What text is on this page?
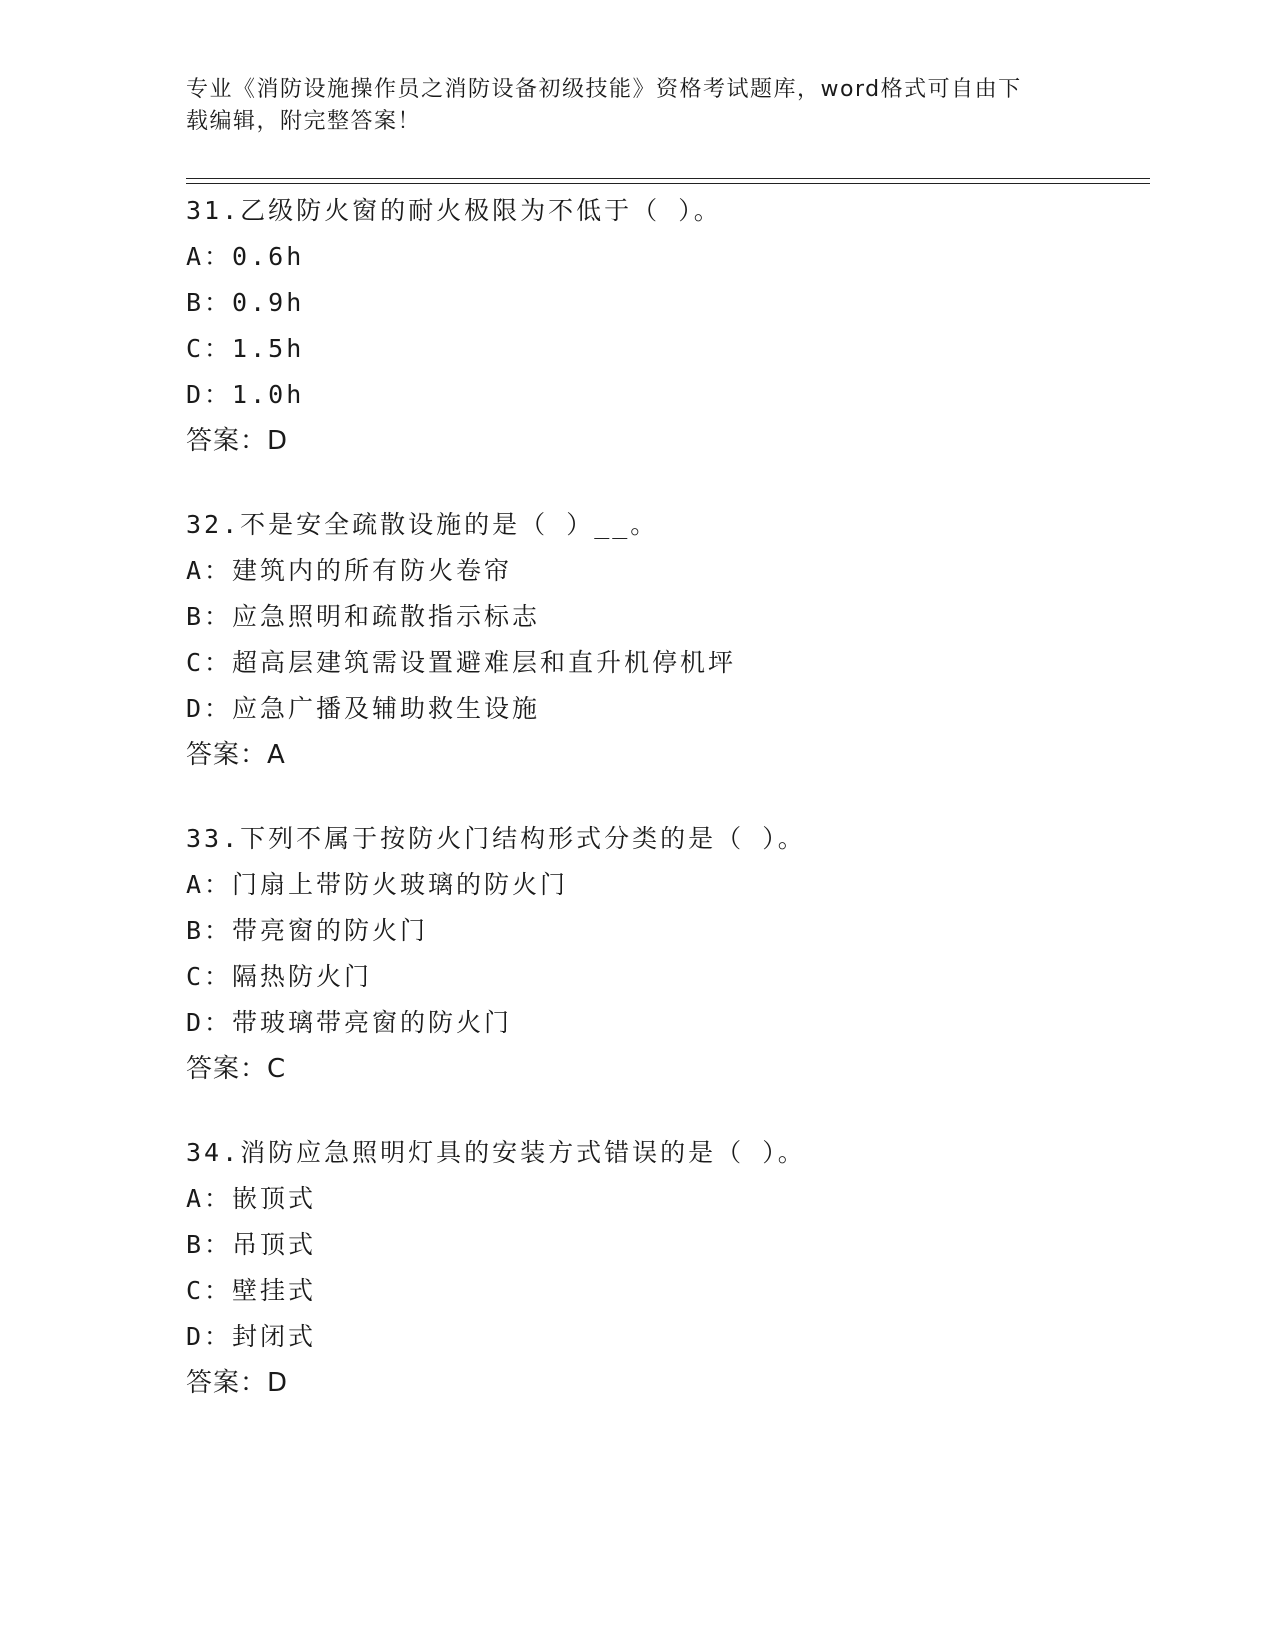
专业《消防设施操作员之消防设备初级技能》资格考试题库，word格式可自由下
载编辑，附完整答案！
31.乙级防火窗的耐火极限为不低于（ ）。
A：0.6h
B：0.9h
C：1.5h
D：1.0h
答案：D
32.不是安全疏散设施的是（ ）__。
A：建筑内的所有防火卷帘
B：应急照明和疏散指示标志
C：超高层建筑需设置避难层和直升机停机坪
D：应急广播及辅助救生设施
答案：A
33.下列不属于按防火门结构形式分类的是（ ）。
A：门扇上带防火玻璃的防火门
B：带亮窗的防火门
C：隔热防火门
D：带玻璃带亮窗的防火门
答案：C
34.消防应急照明灯具的安装方式错误的是（ ）。
A：嵌顶式
B：吊顶式
C：壁挂式
D：封闭式
答案：D
